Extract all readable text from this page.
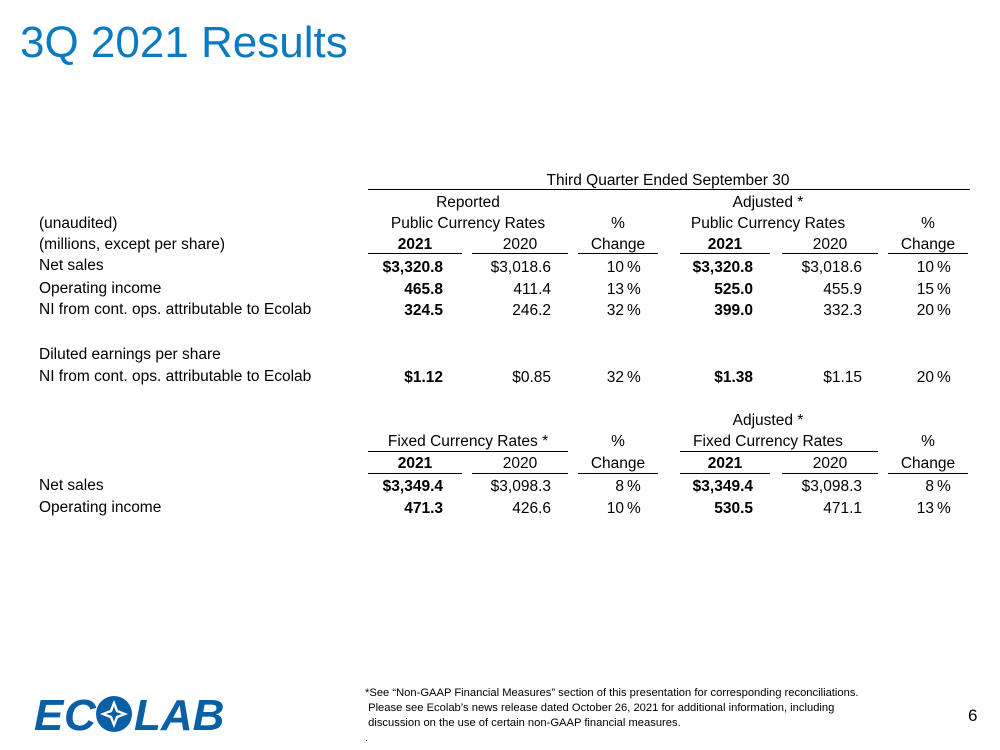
3Q 2021 Results
Third Quarter Ended September 30
Reported	Adjusted *
(unaudited)	Public Currency Rates	%	Public Currency Rates	%
(millions, except per share)	2021	2020	Change	2021	2020	Change
Net sales	$3,320.8	$3,018.6	10 %	$3,320.8	$3,018.6	10 %
Operating income	465.8	411.4	13 %	525.0	455.9	15 %
NI from cont. ops. attributable to Ecolab	324.5	246.2	32 %	399.0	332.3	20 %
Diluted earnings per share
NI from cont. ops. attributable to Ecolab	$1.12	$0.85	32 %	$1.38	$1.15	20 %
Adjusted *
Fixed Currency Rates *	%	Fixed Currency Rates	%
2021	2020	Change	2021	2020	Change
Net sales	$3,349.4	$3,098.3	8 %	$3,349.4	$3,098.3	8 %
Operating income	471.3	426.6	10 %	530.5	471.1	13 %
E C LAB	*See “Non-GAAP Financial Measures” section of this presentation for corresponding reconciliations.
Please see Ecolab’s news release dated October 26, 2021 for additional information, including
discussion on the use of certain non-GAAP financial measures.
.
6
